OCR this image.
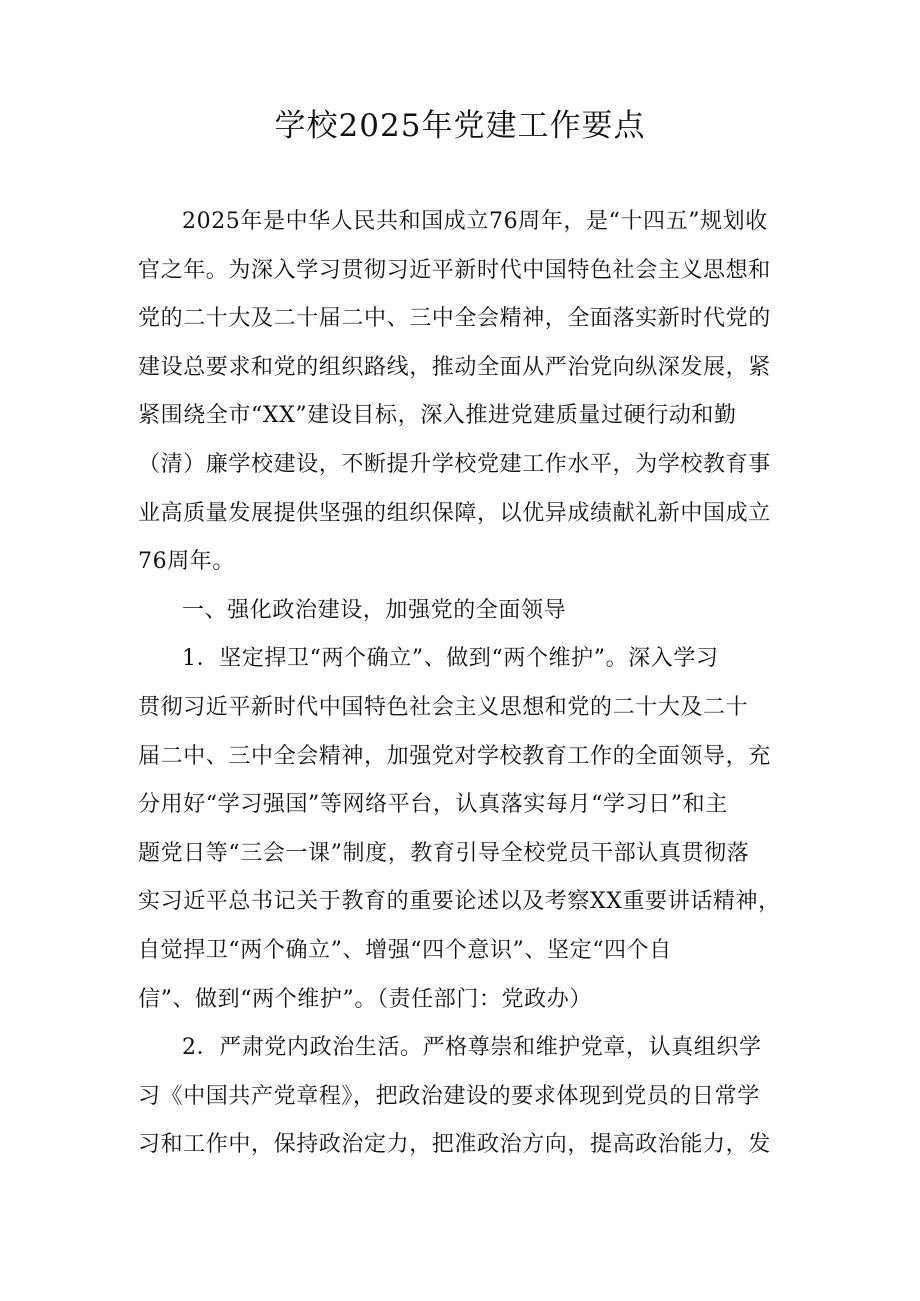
学校2025年党建工作要点
2025年是中华人民共和国成立76周年，是“十四五”规划收
官之年。为深入学习贯彻习近平新时代中国特色社会主义思想和
党的二十大及二十届二中、三中全会精神，全面落实新时代党的
建设总要求和党的组织路线，推动全面从严治党向纵深发展，紧
紧围绕全市“XX”建设目标，深入推进党建质量过硬行动和勤
（清）廉学校建设，不断提升学校党建工作水平，为学校教育事
业高质量发展提供坚强的组织保障，以优异成绩献礼新中国成立
76周年。
一、强化政治建设，加强党的全面领导
1．坚定捍卫“两个确立”、做到“两个维护”。深入学习
贯彻习近平新时代中国特色社会主义思想和党的二十大及二十
届二中、三中全会精神，加强党对学校教育工作的全面领导，充
分用好“学习强国”等网络平台，认真落实每月“学习日”和主
题党日等“三会一课”制度，教育引导全校党员干部认真贯彻落
实习近平总书记关于教育的重要论述以及考察XX重要讲话精神，
自觉捍卫“两个确立”、增强“四个意识”、坚定“四个自
信”、做到“两个维护”。（责任部门：党政办）
2．严肃党内政治生活。严格尊崇和维护党章，认真组织学
习《中国共产党章程》，把政治建设的要求体现到党员的日常学
习和工作中，保持政治定力，把准政治方向，提高政治能力，发
